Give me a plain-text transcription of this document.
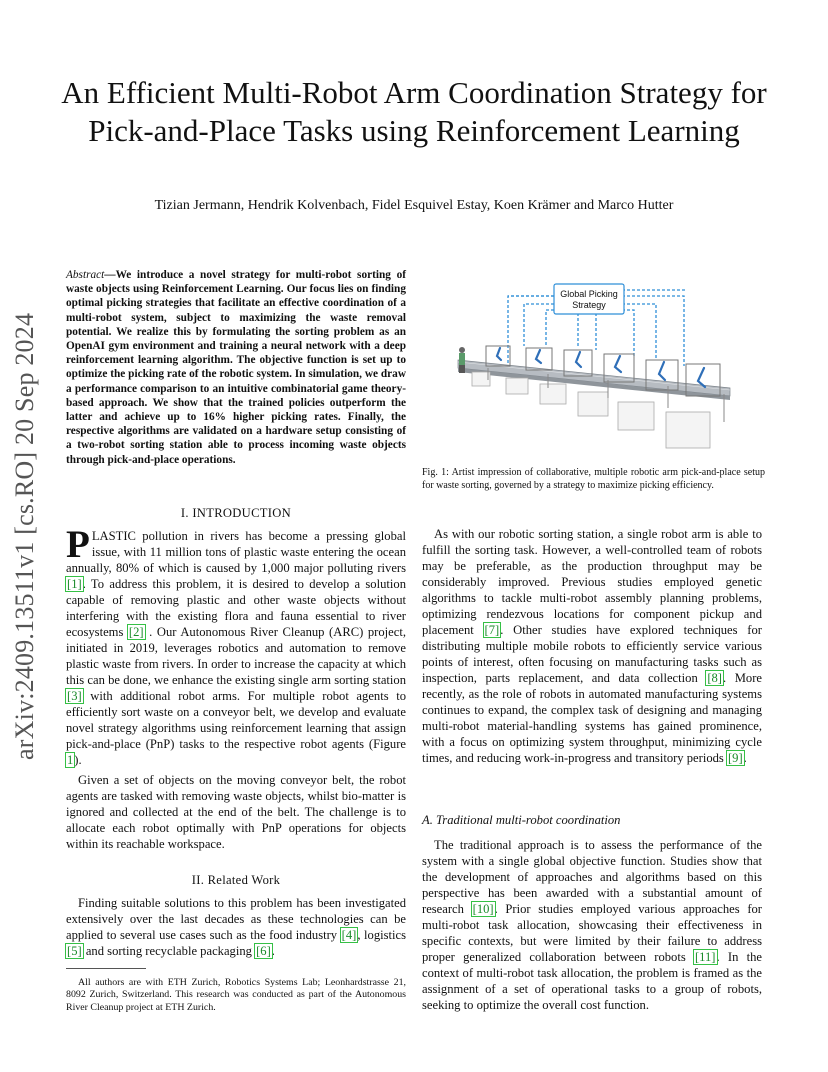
An Efficient Multi-Robot Arm Coordination Strategy for Pick-and-Place Tasks using Reinforcement Learning
Tizian Jermann, Hendrik Kolvenbach, Fidel Esquivel Estay, Koen Krämer and Marco Hutter
arXiv:2409.13511v1 [cs.RO] 20 Sep 2024
Abstract—We introduce a novel strategy for multi-robot sorting of waste objects using Reinforcement Learning. Our focus lies on finding optimal picking strategies that facilitate an effective coordination of a multi-robot system, subject to maximizing the waste removal potential. We realize this by formulating the sorting problem as an OpenAI gym environment and training a neural network with a deep reinforcement learning algorithm. The objective function is set up to optimize the picking rate of the robotic system. In simulation, we draw a performance comparison to an intuitive combinatorial game theory-based approach. We show that the trained policies outperform the latter and achieve up to 16% higher picking rates. Finally, the respective algorithms are validated on a hardware setup consisting of a two-robot sorting station able to process incoming waste objects through pick-and-place operations.
Global Picking
Strategy
Fig. 1: Artist impression of collaborative, multiple robotic arm pick-and-place setup for waste sorting, governed by a strategy to maximize picking efficiency.
I. INTRODUCTION
PLASTIC pollution in rivers has become a pressing global issue, with 11 million tons of plastic waste entering the ocean annually, 80% of which is caused by 1,000 major polluting rivers [1]. To address this problem, it is desired to develop a solution capable of removing plastic and other waste objects without interfering with the existing flora and fauna essential to river ecosystems [2] . Our Autonomous River Cleanup (ARC) project, initiated in 2019, leverages robotics and automation to remove plastic waste from rivers. In order to increase the capacity at which this can be done, we enhance the existing single arm sorting station [3] with additional robot arms. For multiple robot agents to efficiently sort waste on a conveyor belt, we develop and evaluate novel strategy algorithms using reinforcement learning that assign pick-and-place (PnP) tasks to the respective robot agents (Figure 1).
Given a set of objects on the moving conveyor belt, the robot agents are tasked with removing waste objects, whilst bio-matter is ignored and collected at the end of the belt. The challenge is to allocate each robot optimally with PnP operations for objects within its reachable workspace.
II. Related Work
Finding suitable solutions to this problem has been investigated extensively over the last decades as these technologies can be applied to several use cases such as the food industry [4], logistics [5] and sorting recyclable packaging [6].
All authors are with ETH Zurich, Robotics Systems Lab; Leonhardstrasse 21, 8092 Zurich, Switzerland. This research was conducted as part of the Autonomous River Cleanup project at ETH Zurich.
As with our robotic sorting station, a single robot arm is able to fulfill the sorting task. However, a well-controlled team of robots may be preferable, as the production throughput may be considerably improved. Previous studies employed genetic algorithms to tackle multi-robot assembly planning problems, optimizing rendezvous locations for component pickup and placement [7]. Other studies have explored techniques for distributing multiple mobile robots to efficiently service various points of interest, often focusing on manufacturing tasks such as inspection, parts replacement, and data collection [8]. More recently, as the role of robots in automated manufacturing systems continues to expand, the complex task of designing and managing multi-robot material-handling systems has gained prominence, with a focus on optimizing system throughput, minimizing cycle times, and reducing work-in-progress and transitory periods [9].
A. Traditional multi-robot coordination
The traditional approach is to assess the performance of the system with a single global objective function. Studies show that the development of approaches and algorithms based on this perspective has been awarded with a substantial amount of research [10]. Prior studies employed various approaches for multi-robot task allocation, showcasing their effectiveness in specific contexts, but were limited by their failure to address proper generalized collaboration between robots [11]. In the context of multi-robot task allocation, the problem is framed as the assignment of a set of operational tasks to a group of robots, seeking to optimize the overall cost function.
